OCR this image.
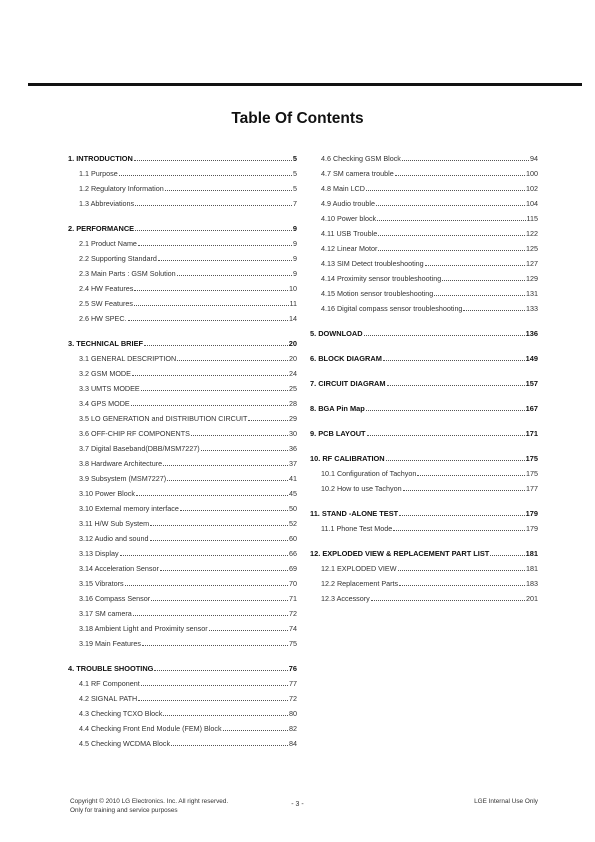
Table Of Contents
1. INTRODUCTION	5
1.1 Purpose	5
1.2 Regulatory Information	5
1.3 Abbreviations	7
2. PERFORMANCE	9
2.1 Product Name	9
2.2 Supporting Standard	9
2.3 Main Parts : GSM Solution	9
2.4 HW Features	10
2.5 SW Features	11
2.6 HW SPEC.	14
3. TECHNICAL BRIEF	20
3.1 GENERAL DESCRIPTION	20
3.2 GSM MODE	24
3.3 UMTS MODEE	25
3.4 GPS MODE	28
3.5 LO GENERATION and DISTRIBUTION CIRCUIT	29
3.6 OFF-CHIP RF COMPONENTS	30
3.7 Digital Baseband(DBB/MSM7227)	36
3.8 Hardware Architecture	37
3.9 Subsystem (MSM7227)	41
3.10 Power Block	45
3.10 External memory interface	50
3.11 H/W Sub System	52
3.12 Audio and sound	60
3.13 Display	66
3.14 Acceleration Sensor	69
3.15 Vibrators	70
3.16 Compass Sensor	71
3.17 SM camera	72
3.18 Ambient Light and Proximity sensor	74
3.19 Main Features	75
4. TROUBLE SHOOTING	76
4.1 RF Component	77
4.2 SIGNAL PATH	72
4.3 Checking TCXO Block	80
4.4 Checking Front End Module (FEM) Block	82
4.5 Checking WCDMA Block	84
4.6 Checking GSM Block	94
4.7 SM camera trouble	100
4.8 Main LCD	102
4.9 Audio trouble	104
4.10 Power block	115
4.11 USB Trouble	122
4.12 Linear Motor	125
4.13 SIM Detect troubleshooting	127
4.14 Proximity sensor troubleshooting	129
4.15 Motion sensor troubleshooting	131
4.16 Digital compass sensor troubleshooting	133
5. DOWNLOAD	136
6. BLOCK DIAGRAM	149
7. CIRCUIT DIAGRAM	157
8. BGA Pin Map	167
9. PCB LAYOUT	171
10. RF CALIBRATION	175
10.1 Configuration of Tachyon	175
10.2 How to use Tachyon	177
11. STAND -ALONE TEST	179
11.1 Phone Test Mode	179
12. EXPLODED VIEW & REPLACEMENT PART LIST	181
12.1 EXPLODED VIEW	181
12.2 Replacement Parts	183
12.3 Accessory	201
Copyright © 2010 LG Electronics. Inc. All right reserved.
Only for training and service purposes
- 3 -	LGE Internal Use Only
